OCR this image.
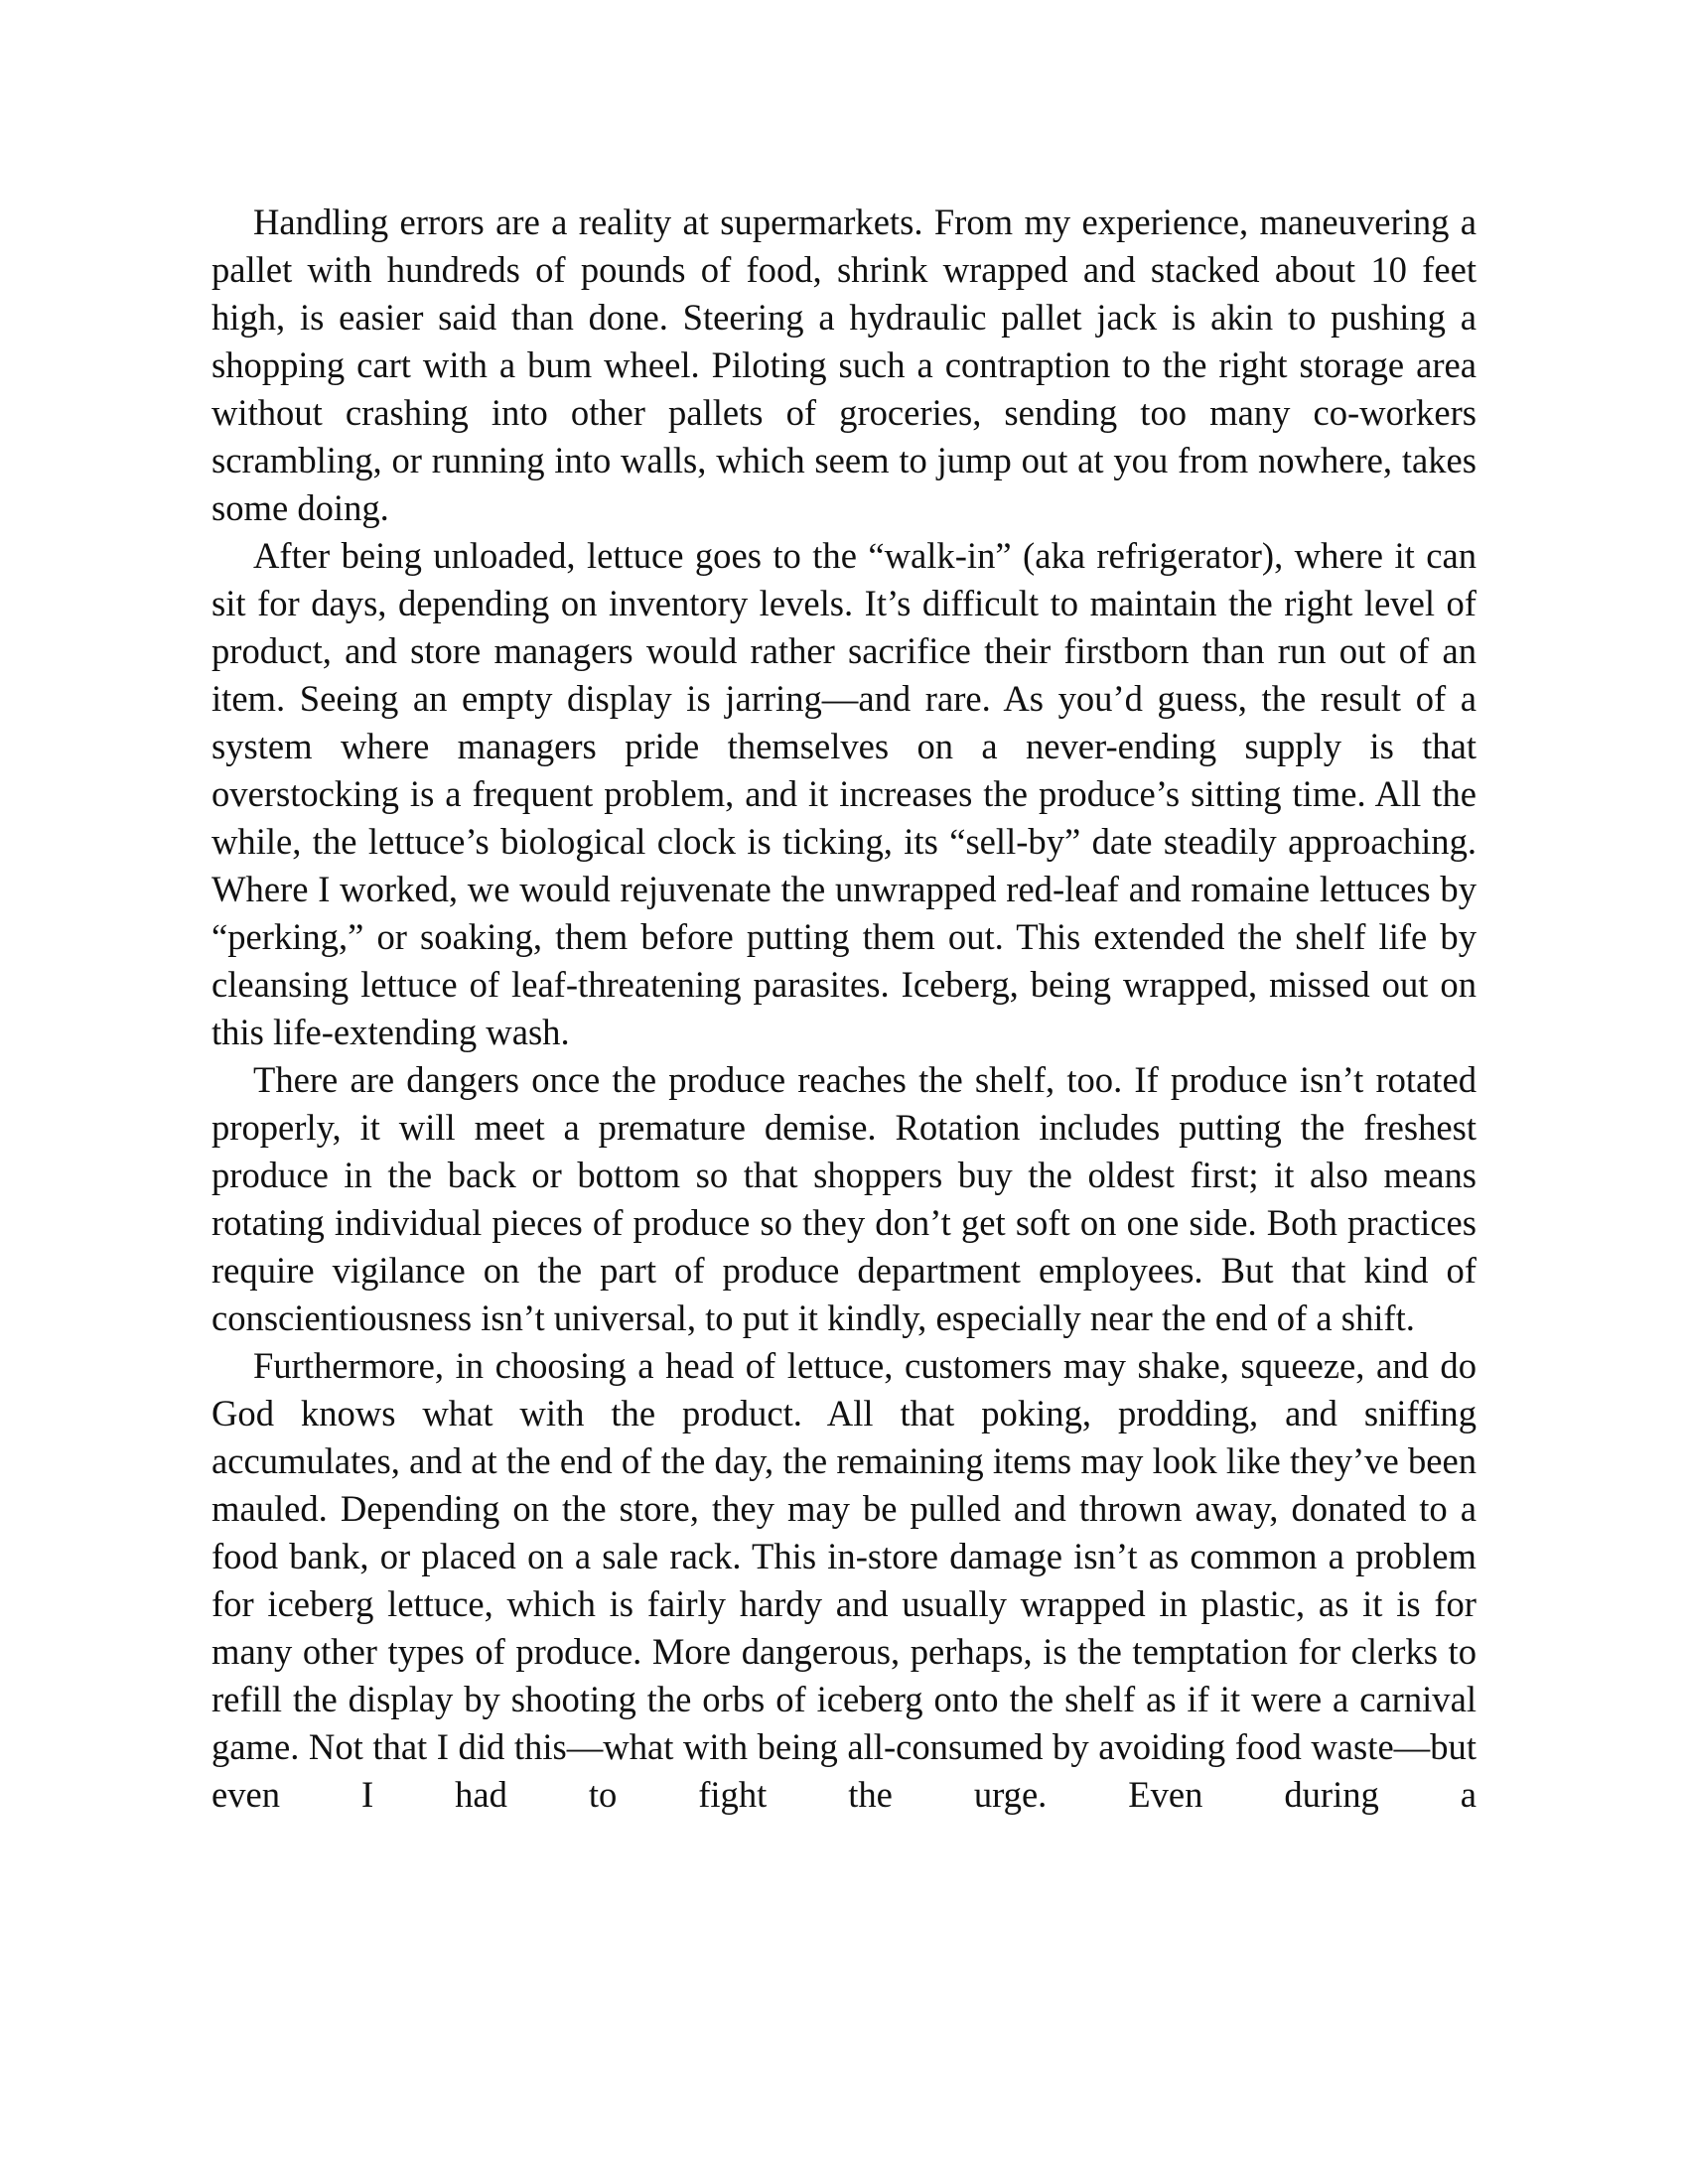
Handling errors are a reality at supermarkets. From my experience, maneuvering a pallet with hundreds of pounds of food, shrink wrapped and stacked about 10 feet high, is easier said than done. Steering a hydraulic pallet jack is akin to pushing a shopping cart with a bum wheel. Piloting such a contraption to the right storage area without crashing into other pallets of groceries, sending too many co-workers scrambling, or running into walls, which seem to jump out at you from nowhere, takes some doing.

After being unloaded, lettuce goes to the “walk-in” (aka refrigerator), where it can sit for days, depending on inventory levels. It’s difficult to maintain the right level of product, and store managers would rather sacrifice their firstborn than run out of an item. Seeing an empty display is jarring—and rare. As you’d guess, the result of a system where managers pride themselves on a never-ending supply is that overstocking is a frequent problem, and it increases the produce’s sitting time. All the while, the lettuce’s biological clock is ticking, its “sell-by” date steadily approaching. Where I worked, we would rejuvenate the unwrapped red-leaf and romaine lettuces by “perking,” or soaking, them before putting them out. This extended the shelf life by cleansing lettuce of leaf-threatening parasites. Iceberg, being wrapped, missed out on this life-extending wash.

There are dangers once the produce reaches the shelf, too. If produce isn’t rotated properly, it will meet a premature demise. Rotation includes putting the freshest produce in the back or bottom so that shoppers buy the oldest first; it also means rotating individual pieces of produce so they don’t get soft on one side. Both practices require vigilance on the part of produce department employees. But that kind of conscientiousness isn’t universal, to put it kindly, especially near the end of a shift.

Furthermore, in choosing a head of lettuce, customers may shake, squeeze, and do God knows what with the product. All that poking, prodding, and sniffing accumulates, and at the end of the day, the remaining items may look like they’ve been mauled. Depending on the store, they may be pulled and thrown away, donated to a food bank, or placed on a sale rack. This in-store damage isn’t as common a problem for iceberg lettuce, which is fairly hardy and usually wrapped in plastic, as it is for many other types of produce. More dangerous, perhaps, is the temptation for clerks to refill the display by shooting the orbs of iceberg onto the shelf as if it were a carnival game. Not that I did this—what with being all-consumed by avoiding food waste—but even I had to fight the urge. Even during a
